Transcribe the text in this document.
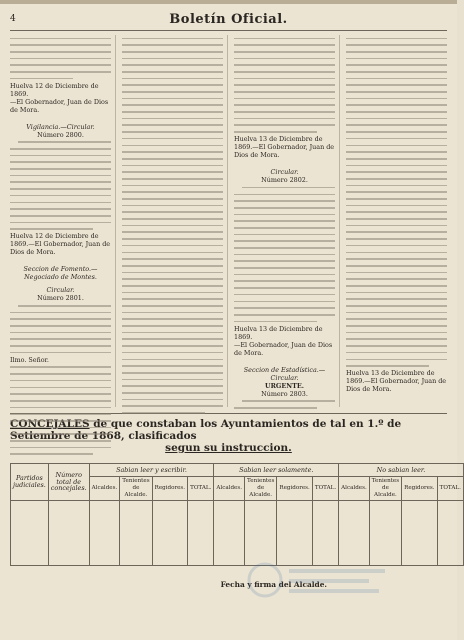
4	Boletín Oficial.
Huelva 12 de Diciembre de 1869.
—El Gobernador, Juan de Dios de Mora.
Vigilancia.—Circular.
Número 2800.
Huelva 12 de Diciembre de 1869.—El Gobernador, Juan de Dios de Mora.
Seccion de Fomento.—Negociado de Montes.
Circular.
Número 2801.
Ilmo. Señor.
Huelva 13 de Diciembre de 1869.—El Gobernador, Juan de Dios de Mora.
Circular.
Número 2802.
Huelva 13 de Diciembre de 1869.
—El Gobernador, Juan de Dios de Mora.
Seccion de Estadística.—Circular.
URGENTE.
Número 2803.
Huelva 13 de Diciembre de 1869.—El Gobernador, Juan de Dios de Mora.
CONCEJALES de que constaban los Ayuntamientos de tal en 1.º de Setiembre de 1868, clasificados
segun su instruccion.
Partidos judiciales.	Número total de concejales.	Sabian leer y escribir.				Sabian leer solamente.				No sabian leer.			
		Alcaldes.	Tenientes de Alcalde.	Regidores.	TOTAL.	Alcaldes.	Tenientes de Alcalde.	Regidores.	TOTAL.	Alcaldes.	Tenientes de Alcalde.	Regidores.	TOTAL.

Fecha y firma del Alcalde.
